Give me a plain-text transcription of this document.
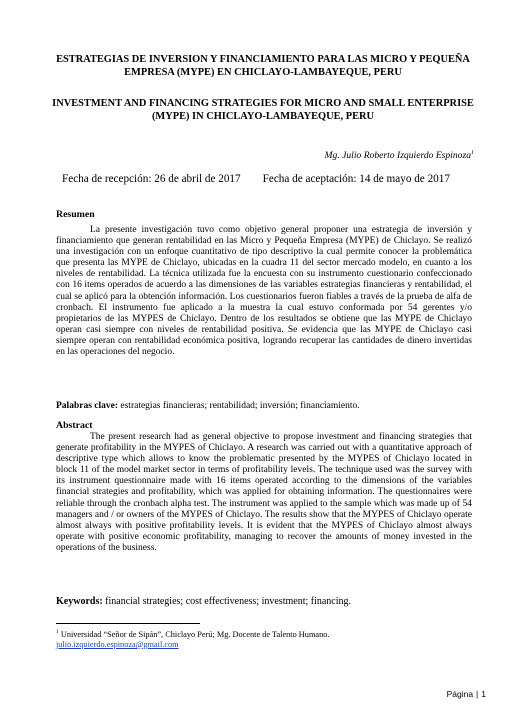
ESTRATEGIAS DE INVERSION Y FINANCIAMIENTO PARA LAS MICRO Y PEQUEÑA EMPRESA (MYPE) EN CHICLAYO-LAMBAYEQUE, PERU
INVESTMENT AND FINANCING STRATEGIES FOR MICRO AND SMALL ENTERPRISE (MYPE) IN CHICLAYO-LAMBAYEQUE, PERU
Mg. Julio Roberto Izquierdo Espinoza$^1$
Fecha de recepción: 26 de abril de 2017 Fecha de aceptación: 14 de mayo de 2017
Resumen

La presente investigación tuvo como objetivo general proponer una estrategia de inversión y financiamiento que generan rentabilidad en las Micro y Pequeña Empresa (MYPE) de Chiclayo. Se realizó una investigación con un enfoque cuantitativo de tipo descriptivo la cual permite conocer la problemática que presenta las MYPE de Chiclayo, ubicadas en la cuadra 11 del sector mercado modelo, en cuanto a los niveles de rentabilidad. La técnica utilizada fue la encuesta con su instrumento cuestionario confeccionado con 16 items operados de acuerdo a las dimensiones de las variables estrategias financieras y rentabilidad, el cual se aplicó para la obtención información. Los cuestionarios fueron fiables a través de la prueba de alfa de cronbach. El instrumento fue aplicado a la muestra la cual estuvo conformada por 54 gerentes y/o propietarios de las MYPES de Chiclayo. Dentro de los resultados se obtiene que las MYPE de Chiclayo operan casi siempre con niveles de rentabilidad positiva. Se evidencia que las MYPE de Chiclayo casi siempre operan con rentabilidad económica positiva, logrando recuperar las cantidades de dinero invertidas en las operaciones del negocio.

Palabras clave: estrategias financieras; rentabilidad; inversión; financiamiento.
Abstract

The present research had as general objective to propose investment and financing strategies that generate profitability in the MYPES of Chiclayo. A research was carried out with a quantitative approach of descriptive type which allows to know the problematic presented by the MYPES of Chiclayo located in block 11 of the model market sector in terms of profitability levels. The technique used was the survey with its instrument questionnaire made with 16 items operated according to the dimensions of the variables financial strategies and profitability, which was applied for obtaining information. The questionnaires were reliable through the cronbach alpha test. The instrument was applied to the sample which was made up of 54 managers and / or owners of the MYPES of Chiclayo. The results show that the MYPES of Chiclayo operate almost always with positive profitability levels. It is evident that the MYPES of Chiclayo almost always operate with positive economic profitability, managing to recover the amounts of money invested in the operations of the business.

Keywords: financial strategies; cost effectiveness; investment; financing.
$^1$ Universidad “Señor de Sipán”, Chiclayo Perú; Mg. Docente de Talento Humano.
julio.izquierdo.espinoza@gmail.com
Página | 1
